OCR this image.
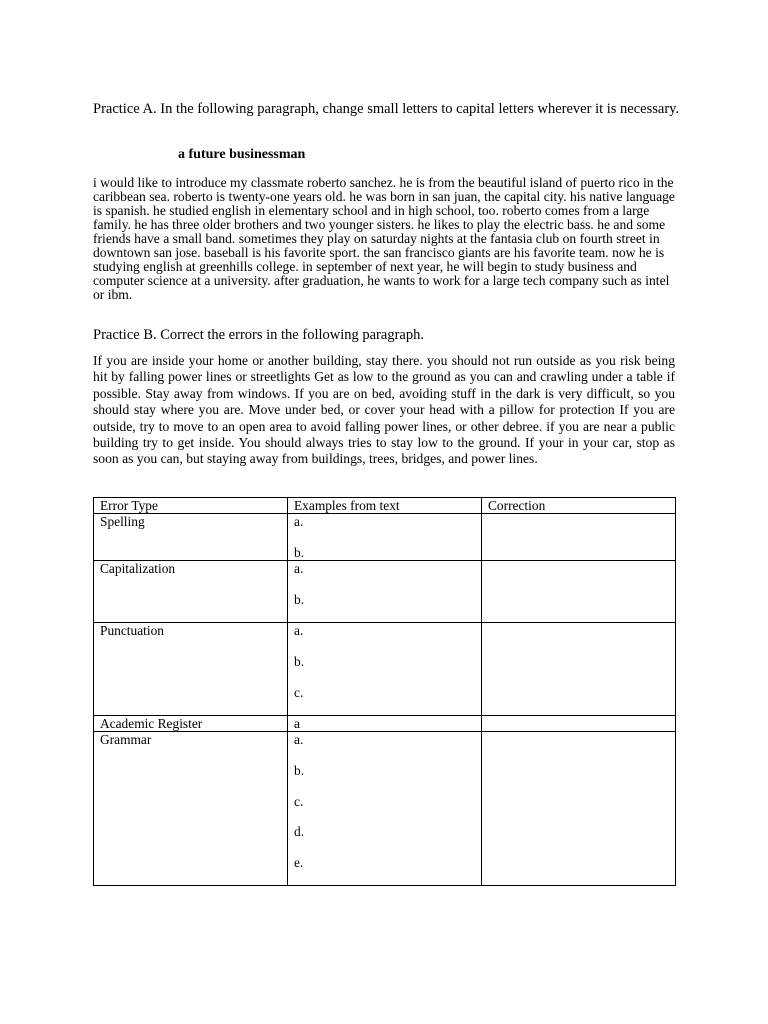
Practice A. In the following paragraph, change small letters to capital letters wherever it is necessary.
a future businessman

i would like to introduce my classmate roberto sanchez. he is from the beautiful island of puerto rico in the caribbean sea. roberto is twenty-one years old. he was born in san juan, the capital city. his native language is spanish. he studied english in elementary school and in high school, too. roberto comes from a large family. he has three older brothers and two younger sisters. he likes to play the electric bass. he and some friends have a small band. sometimes they play on saturday nights at the fantasia club on fourth street in downtown san jose. baseball is his favorite sport. the san francisco giants are his favorite team. now he is studying english at greenhills college. in september of next year, he will begin to study business and computer science at a university. after graduation, he wants to work for a large tech company such as intel or ibm.

Practice B. Correct the errors in the following paragraph.

If you are inside your home or another building, stay there. you should not run outside as you risk being hit by falling power lines or streetlights Get as low to the ground as you can and crawling under a table if possible. Stay away from windows. If you are on bed, avoiding stuff in the dark is very difficult, so you should stay where you are. Move under bed, or cover your head with a pillow for protection If you are outside, try to move to an open area to avoid falling power lines, or other debree. if you are near a public building try to get inside. You should always tries to stay low to the ground. If your in your car, stop as soon as you can, but staying away from buildings, trees, bridges, and power lines.

Error Type	Examples from text	Correction
Spelling	a.
b.	

Capitalization	a.
b.	

Punctuation	a.
b.
c.	

Academic Register	a	

Grammar	a.
b.
c.
d.
e.	
